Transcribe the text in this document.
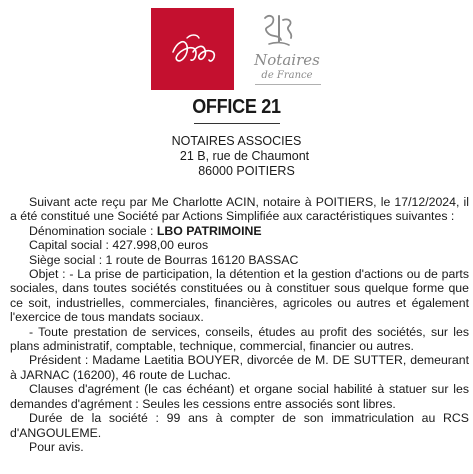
Notaires
de France
OFFICE 21
NOTAIRES ASSOCIES
21 B, rue de Chaumont
86000 POITIERS

Suivant acte reçu par Me Charlotte ACIN, notaire à POITIERS, le 17/12/2024, il a été constitué une Société par Actions Simplifiée aux caractéristiques suivantes :

Dénomination sociale : LBO PATRIMOINE

Capital social : 427.998,00 euros

Siège social : 1 route de Bourras 16120 BASSAC

Objet : - La prise de participation, la détention et la gestion d'actions ou de parts sociales, dans toutes sociétés constituées ou à constituer sous quelque forme que ce soit, industrielles, commerciales, financières, agricoles ou autres et également l'exercice de tous mandats sociaux.

- Toute prestation de services, conseils, études au profit des sociétés, sur les plans administratif, comptable, technique, commercial, financier ou autres.

Président : Madame Laetitia BOUYER, divorcée de M. DE SUTTER, demeurant à JARNAC (16200), 46 route de Luchac.

Clauses d'agrément (le cas échéant) et organe social habilité à statuer sur les demandes d'agrément : Seules les cessions entre associés sont libres.

Durée de la société : 99 ans à compter de son immatriculation au RCS d'ANGOULEME.

Pour avis.
